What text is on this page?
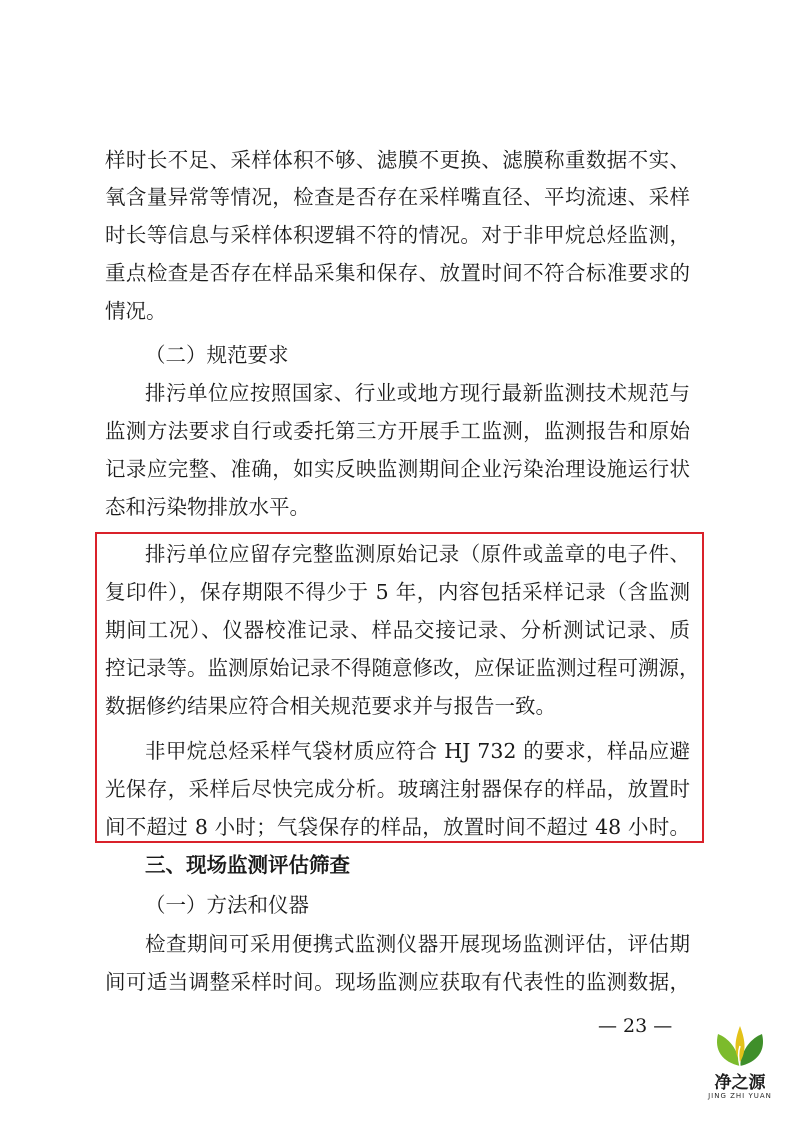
样时长不足、采样体积不够、滤膜不更换、滤膜称重数据不实、
氧含量异常等情况，检查是否存在采样嘴直径、平均流速、采样
时长等信息与采样体积逻辑不符的情况。对于非甲烷总烃监测，
重点检查是否存在样品采集和保存、放置时间不符合标准要求的
情况。
（二）规范要求
排污单位应按照国家、行业或地方现行最新监测技术规范与
监测方法要求自行或委托第三方开展手工监测，监测报告和原始
记录应完整、准确，如实反映监测期间企业污染治理设施运行状
态和污染物排放水平。
排污单位应留存完整监测原始记录（原件或盖章的电子件、
复印件），保存期限不得少于 5 年，内容包括采样记录（含监测
期间工况）、仪器校准记录、样品交接记录、分析测试记录、质
控记录等。监测原始记录不得随意修改，应保证监测过程可溯源，
数据修约结果应符合相关规范要求并与报告一致。
非甲烷总烃采样气袋材质应符合 HJ 732 的要求，样品应避
光保存，采样后尽快完成分析。玻璃注射器保存的样品，放置时
间不超过 8 小时；气袋保存的样品，放置时间不超过 48 小时。
三、现场监测评估筛查
（一）方法和仪器
检查期间可采用便携式监测仪器开展现场监测评估，评估期
间可适当调整采样时间。现场监测应获取有代表性的监测数据，
— 23 —
净之源
JING ZHI YUAN
